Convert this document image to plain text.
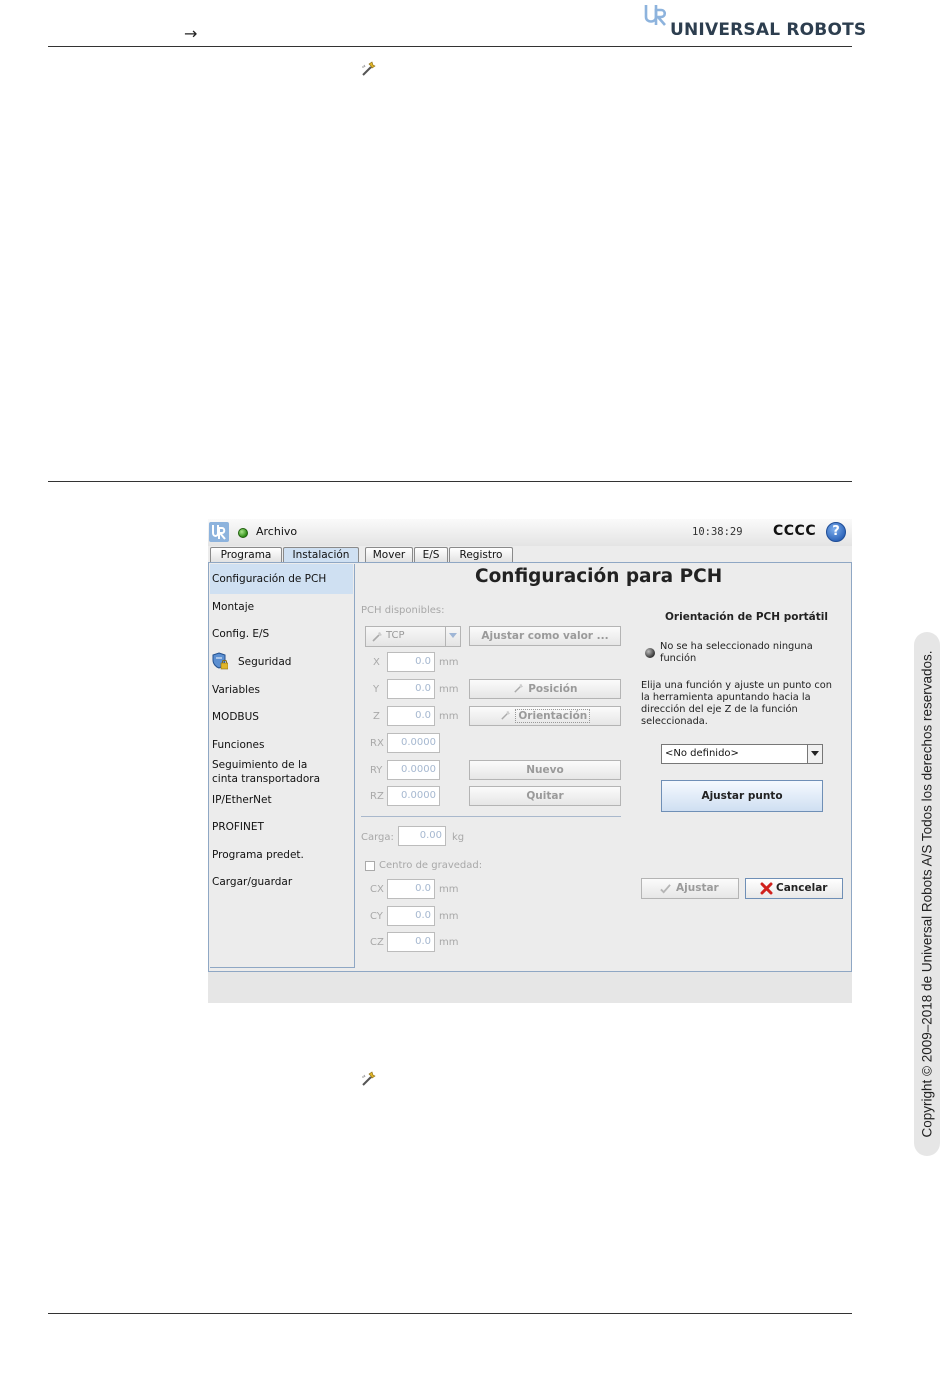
→	UNIVERSAL ROBOTS
Archivo	10:38:29 CCCC	?
Programa	Instalación	Mover	E/S	Registro
Configuración de PCH
Montaje
Config. E/S
Seguridad
Variables
MODBUS
Funciones
Seguimiento de la
cinta transportadora
IP/EtherNet
PROFINET
Programa predet.
Cargar/guardar
Configuración para PCH
PCH disponibles:
TCP	Ajustar como valor ...
X	0.0 mm
Y	0.0 mm
Z	0.0 mm
Posición
Orientación
RX	0.0000
RY	0.0000
RZ	0.0000
Nuevo
Quitar
Carga:	0.00	kg
Centro de gravedad:
CX	0.0 mm
CY	0.0 mm
CZ	0.0 mm
Orientación de PCH portátil
No se ha seleccionado ninguna
función
Elija una función y ajuste un punto con
la herramienta apuntando hacia la
dirección del eje Z de la función
seleccionada.
<No definido>
Ajustar punto
Ajustar	Cancelar	Copyright © 2009–2018 de Universal Robots A/S Todos los derechos reservados.
